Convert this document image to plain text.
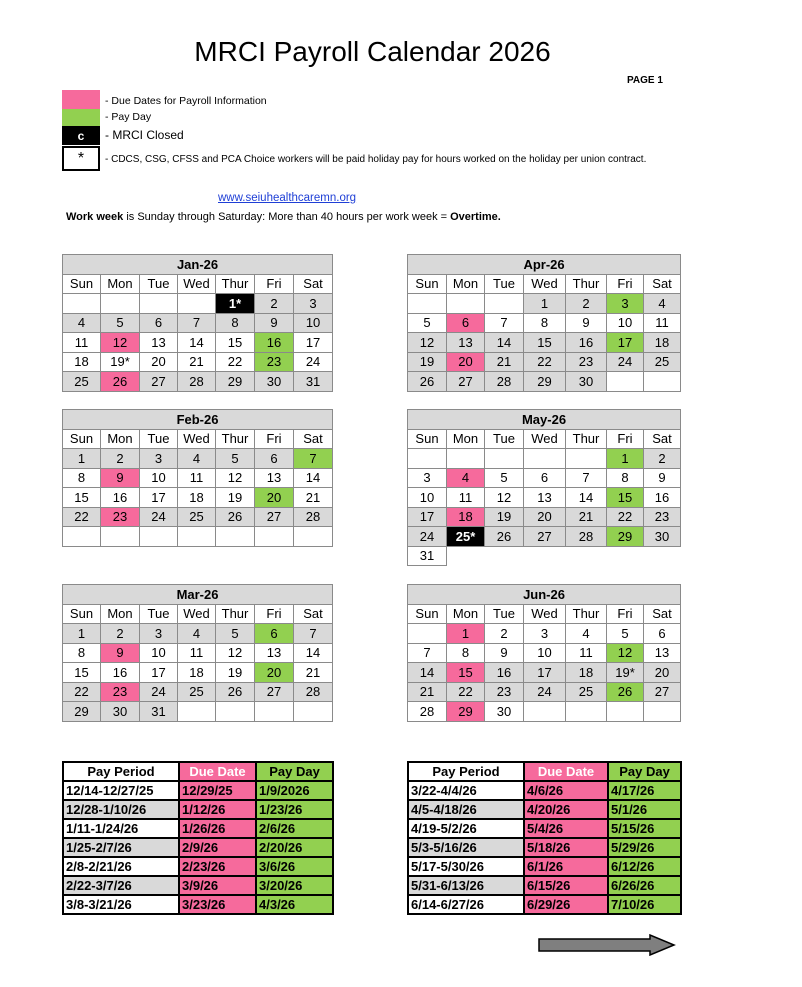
MRCI Payroll Calendar 2026
PAGE 1
- Due Dates for Payroll Information
- Pay Day
c	- MRCI Closed
*	- CDCS, CSG, CFSS and PCA Choice workers will be paid holiday pay for hours worked on the holiday per union contract.
www.seiuhealthcaremn.org
Work week is Sunday through Saturday: More than 40 hours per work week = Overtime.
Jan-26						
Sun	Mon	Tue	Wed	Thur	Fri	Sat
				1*	2	3
4	5	6	7	8	9	10
11	12	13	14	15	16	17
18	19*	20	21	22	23	24
25	26	27	28	29	30	31
Apr-26						
Sun	Mon	Tue	Wed	Thur	Fri	Sat
			1	2	3	4
5	6	7	8	9	10	11
12	13	14	15	16	17	18
19	20	21	22	23	24	25
26	27	28	29	30		
Feb-26						
Sun	Mon	Tue	Wed	Thur	Fri	Sat
1	2	3	4	5	6	7
8	9	10	11	12	13	14
15	16	17	18	19	20	21
22	23	24	25	26	27	28

May-26						
Sun	Mon	Tue	Wed	Thur	Fri	Sat
					1	2
3	4	5	6	7	8	9
10	11	12	13	14	15	16
17	18	19	20	21	22	23
24	25*	26	27	28	29	30
31						
Mar-26						
Sun	Mon	Tue	Wed	Thur	Fri	Sat
1	2	3	4	5	6	7
8	9	10	11	12	13	14
15	16	17	18	19	20	21
22	23	24	25	26	27	28
29	30	31				
Jun-26						
Sun	Mon	Tue	Wed	Thur	Fri	Sat
	1	2	3	4	5	6
7	8	9	10	11	12	13
14	15	16	17	18	19*	20
21	22	23	24	25	26	27
28	29	30				
Pay Period	Due Date	Pay Day
12/14-12/27/25	12/29/25	1/9/2026
12/28-1/10/26	1/12/26	1/23/26
1/11-1/24/26	1/26/26	2/6/26
1/25-2/7/26	2/9/26	2/20/26
2/8-2/21/26	2/23/26	3/6/26
2/22-3/7/26	3/9/26	3/20/26
3/8-3/21/26	3/23/26	4/3/26
Pay Period	Due Date	Pay Day
3/22-4/4/26	4/6/26	4/17/26
4/5-4/18/26	4/20/26	5/1/26
4/19-5/2/26	5/4/26	5/15/26
5/3-5/16/26	5/18/26	5/29/26
5/17-5/30/26	6/1/26	6/12/26
5/31-6/13/26	6/15/26	6/26/26
6/14-6/27/26	6/29/26	7/10/26
